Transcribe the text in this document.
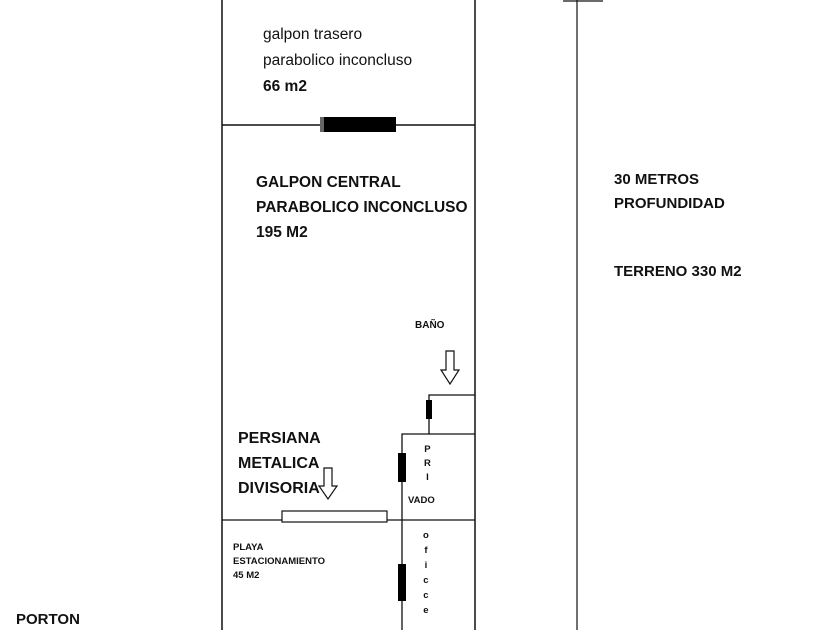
galpon trasero
parabolico inconcluso
66 m2
GALPON CENTRAL
PARABOLICO INCONCLUSO
195 M2
30 METROS
PROFUNDIDAD
TERRENO 330 M2
BAÑO
PERSIANA
METALICA
DIVISORIA
P
R
I
VADO
PLAYA
ESTACIONAMIENTO
45 M2
o
f
i
c
c
e
PORTON
